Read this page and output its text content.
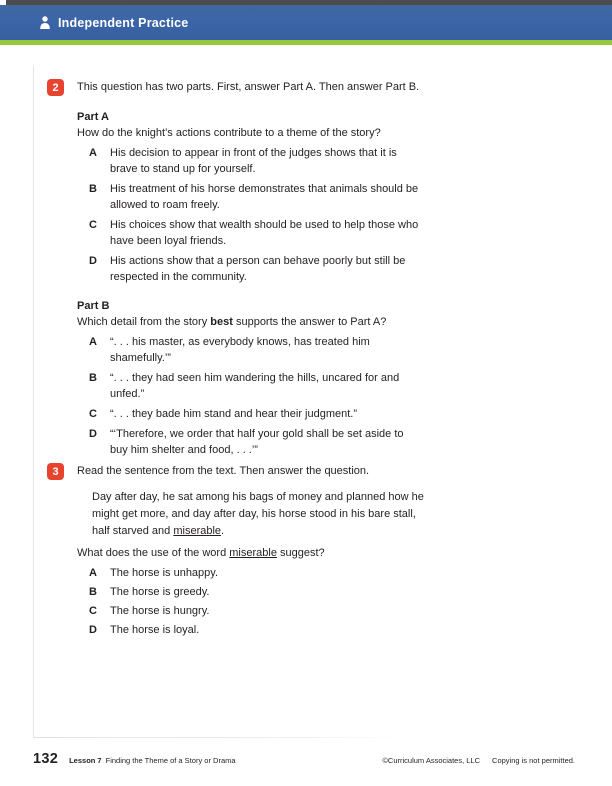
Independent Practice
2	This question has two parts. First, answer Part A. Then answer Part B.
Part A
How do the knight’s actions contribute to a theme of the story?
A	His decision to appear in front of the judges shows that it is
brave to stand up for yourself.
B	His treatment of his horse demonstrates that animals should be
allowed to roam freely.
C	His choices show that wealth should be used to help those who
have been loyal friends.
D	His actions show that a person can behave poorly but still be
respected in the community.
Part B
Which detail from the story best supports the answer to Part A?
A	“. . . his master, as everybody knows, has treated him
shamefully.’”
B	“. . . they had seen him wandering the hills, uncared for and
unfed.”
C	“. . . they bade him stand and hear their judgment.”
D	“‘Therefore, we order that half your gold shall be set aside to
buy him shelter and food, . . .’”
3	Read the sentence from the text. Then answer the question.
Day after day, he sat among his bags of money and planned how he
might get more, and day after day, his horse stood in his bare stall,
half starved and miserable.
What does the use of the word miserable suggest?
A	The horse is unhappy.
B	The horse is greedy.
C	The horse is hungry.
D	The horse is loyal.
132 Lesson 7 Finding the Theme of a Story or Drama	©Curriculum Associates, LLC Copying is not permitted.
